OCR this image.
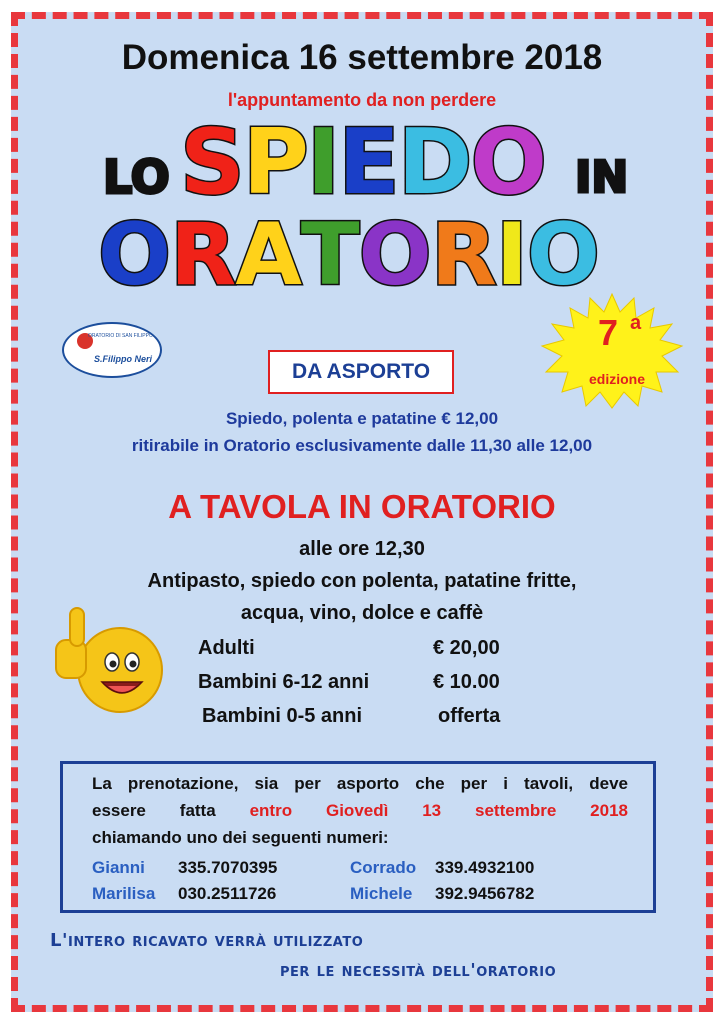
Domenica 16 settembre 2018
l'appuntamento da non perdere
LO SPIEDO IN
ORATORIO
ORATORIO DI SAN FILIPPO
S.Filippo Neri
7 a
edizione
DA ASPORTO
Spiedo, polenta e patatine € 12,00
ritirabile in Oratorio esclusivamente dalle 11,30 alle 12,00
A TAVOLA IN ORATORIO
alle ore 12,30
Antipasto, spiedo con polenta, patatine fritte,
acqua, vino, dolce e caffè
Adulti	€ 20,00
Bambini 6-12 anni	€ 10.00
Bambini 0-5 anni	offerta
La prenotazione, sia per asporto che per i tavoli, deve
essere fatta entro Giovedì 13 settembre 2018
chiamando uno dei seguenti numeri:
Gianni 335.7070395	Corrado 339.4932100
Marilisa 030.2511726	Michele 392.9456782
L'intero ricavato verrà utilizzato
per le necessità dell'oratorio
